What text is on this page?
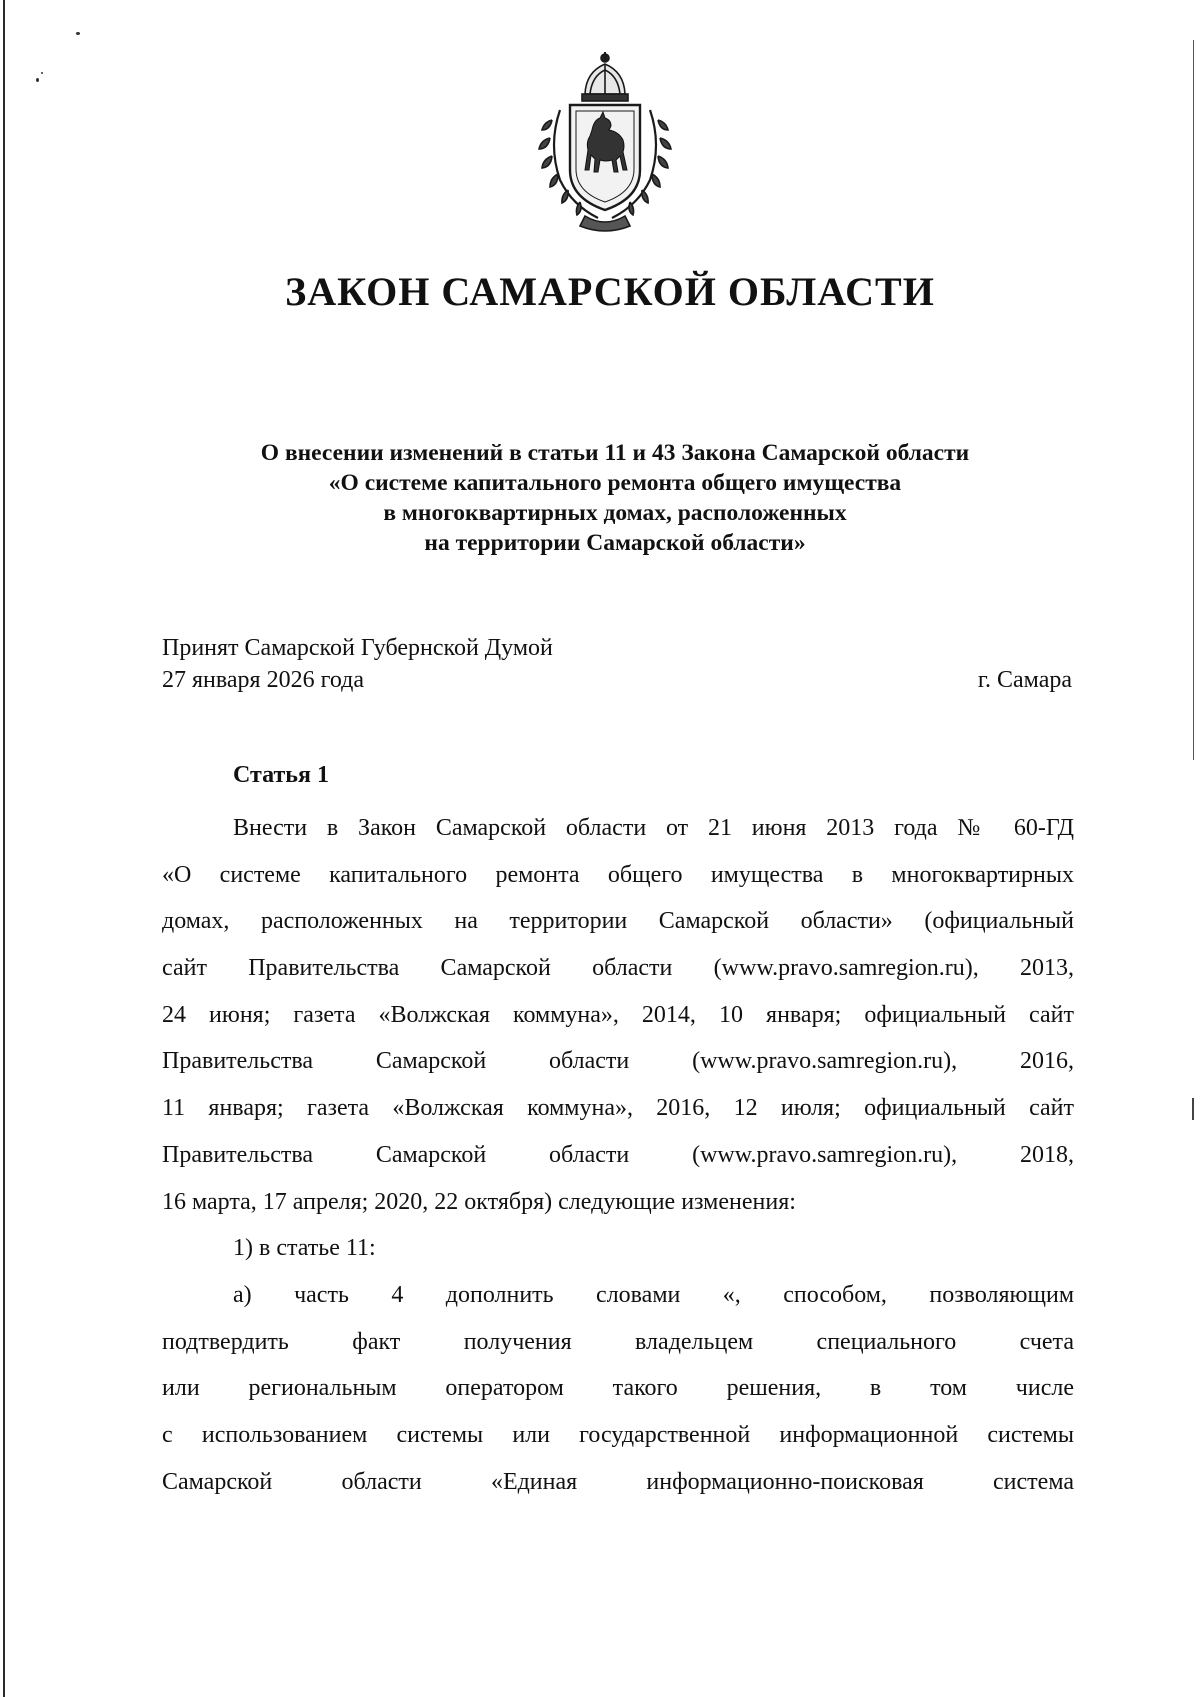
ЗАКОН САМАРСКОЙ ОБЛАСТИ
О внесении изменений в статьи 11 и 43 Закона Самарской области
«О системе капитального ремонта общего имущества
в многоквартирных домах, расположенных
на территории Самарской области»
Принят Самарской Губернской Думой
27 января 2026 года	г. Самара
Статья 1
Внести в Закон Самарской области от 21 июня 2013 года № 60-ГД
«О системе капитального ремонта общего имущества в многоквартирных
домах, расположенных на территории Самарской области» (официальный
сайт Правительства Самарской области (www.pravo.samregion.ru), 2013,
24 июня; газета «Волжская коммуна», 2014, 10 января; официальный сайт
Правительства Самарской области (www.pravo.samregion.ru), 2016,
11 января; газета «Волжская коммуна», 2016, 12 июля; официальный сайт
Правительства Самарской области (www.pravo.samregion.ru), 2018,
16 марта, 17 апреля; 2020, 22 октября) следующие изменения:
1) в статье 11:
а) часть 4 дополнить словами «, способом, позволяющим
подтвердить факт получения владельцем специального счета
или региональным оператором такого решения, в том числе
с использованием системы или государственной информационной системы
Самарской области «Единая информационно-поисковая система
